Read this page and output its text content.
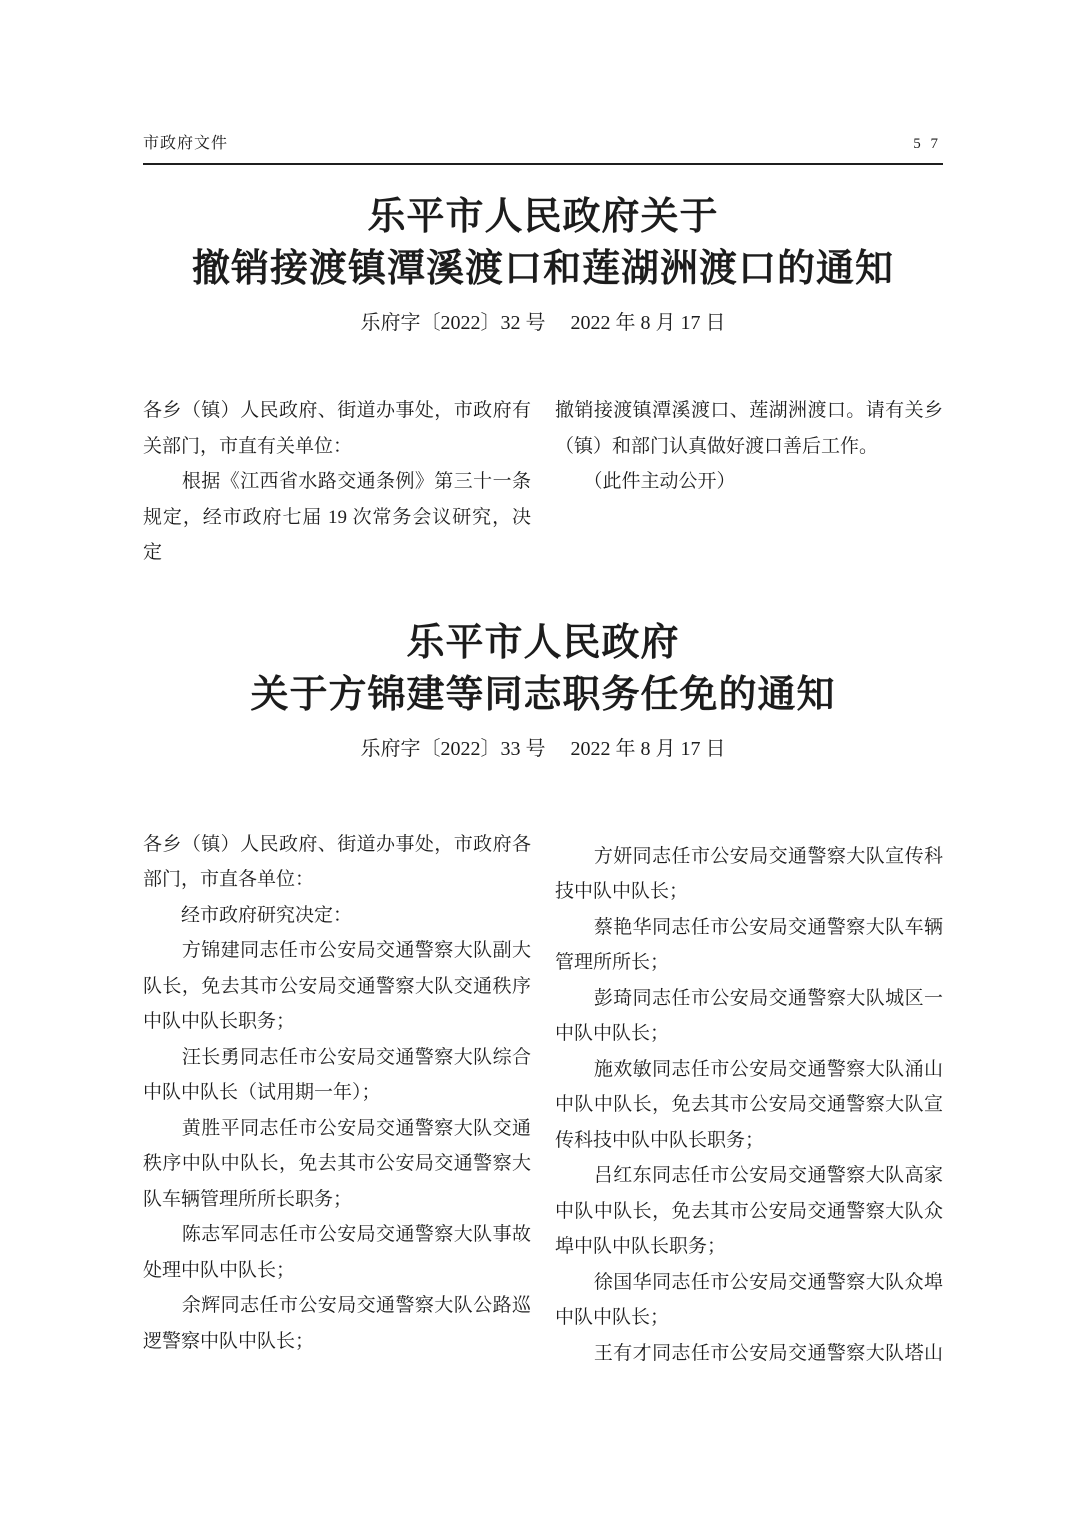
市政府文件	5 7
乐平市人民政府关于
撤销接渡镇潭溪渡口和莲湖洲渡口的通知
乐府字〔2022〕32 号　 2022 年 8 月 17 日
各乡（镇）人民政府、街道办事处，市政府有
关部门，市直有关单位：
　　根据《江西省水路交通条例》第三十一条
规定，经市政府七届 19 次常务会议研究，决定
撤销接渡镇潭溪渡口、莲湖洲渡口。请有关乡
（镇）和部门认真做好渡口善后工作。
　　（此件主动公开）
乐平市人民政府
关于方锦建等同志职务任免的通知
乐府字〔2022〕33 号　 2022 年 8 月 17 日
各乡（镇）人民政府、街道办事处，市政府各
部门，市直各单位：
　　经市政府研究决定：
　　方锦建同志任市公安局交通警察大队副大
队长，免去其市公安局交通警察大队交通秩序
中队中队长职务；
　　汪长勇同志任市公安局交通警察大队综合
中队中队长（试用期一年）；
　　黄胜平同志任市公安局交通警察大队交通
秩序中队中队长，免去其市公安局交通警察大
队车辆管理所所长职务；
　　陈志军同志任市公安局交通警察大队事故
处理中队中队长；
　　余辉同志任市公安局交通警察大队公路巡
逻警察中队中队长；
　　方妍同志任市公安局交通警察大队宣传科
技中队中队长；
　　蔡艳华同志任市公安局交通警察大队车辆
管理所所长；
　　彭琦同志任市公安局交通警察大队城区一
中队中队长；
　　施欢敏同志任市公安局交通警察大队涌山
中队中队长，免去其市公安局交通警察大队宣
传科技中队中队长职务；
　　吕红东同志任市公安局交通警察大队高家
中队中队长，免去其市公安局交通警察大队众
埠中队中队长职务；
　　徐国华同志任市公安局交通警察大队众埠
中队中队长；
　　王有才同志任市公安局交通警察大队塔山
